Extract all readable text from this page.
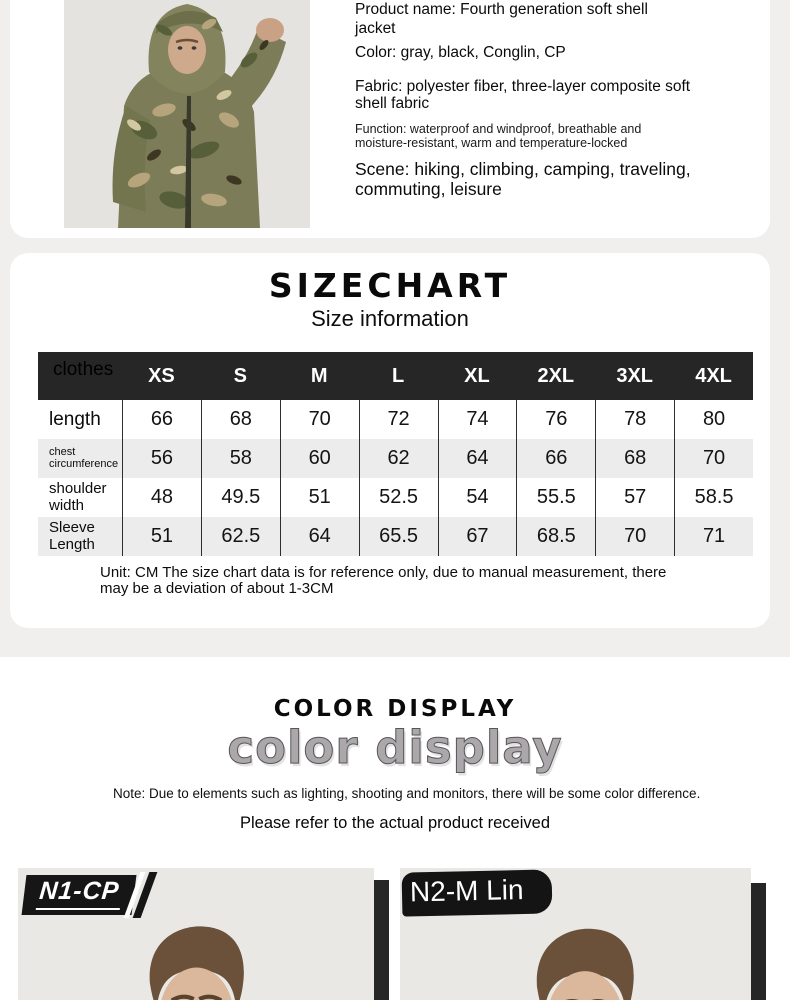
Product name: Fourth generation soft shell jacket

Color: gray, black, Conglin, CP

Fabric: polyester fiber, three-layer composite soft shell fabric

Function: waterproof and windproof, breathable and moisture-resistant, warm and temperature-locked

Scene: hiking, climbing, camping, traveling, commuting, leisure

SIZECHART
Size information
clothes	XS	S	M	L	XL	2XL	3XL	4XL
length	66	68	70	72	74	76	78	80
chest circumference	56	58	60	62	64	66	68	70
shoulder width	48	49.5	51	52.5	54	55.5	57	58.5
Sleeve Length	51	62.5	64	65.5	67	68.5	70	71

Unit: CM The size chart data is for reference only, due to manual measurement, there may be a deviation of about 1-3CM

COLOR DISPLAY
color display

Note: Due to elements such as lighting, shooting and monitors, there will be some color difference.

Please refer to the actual product received

N1-CP	N2-M Lin
